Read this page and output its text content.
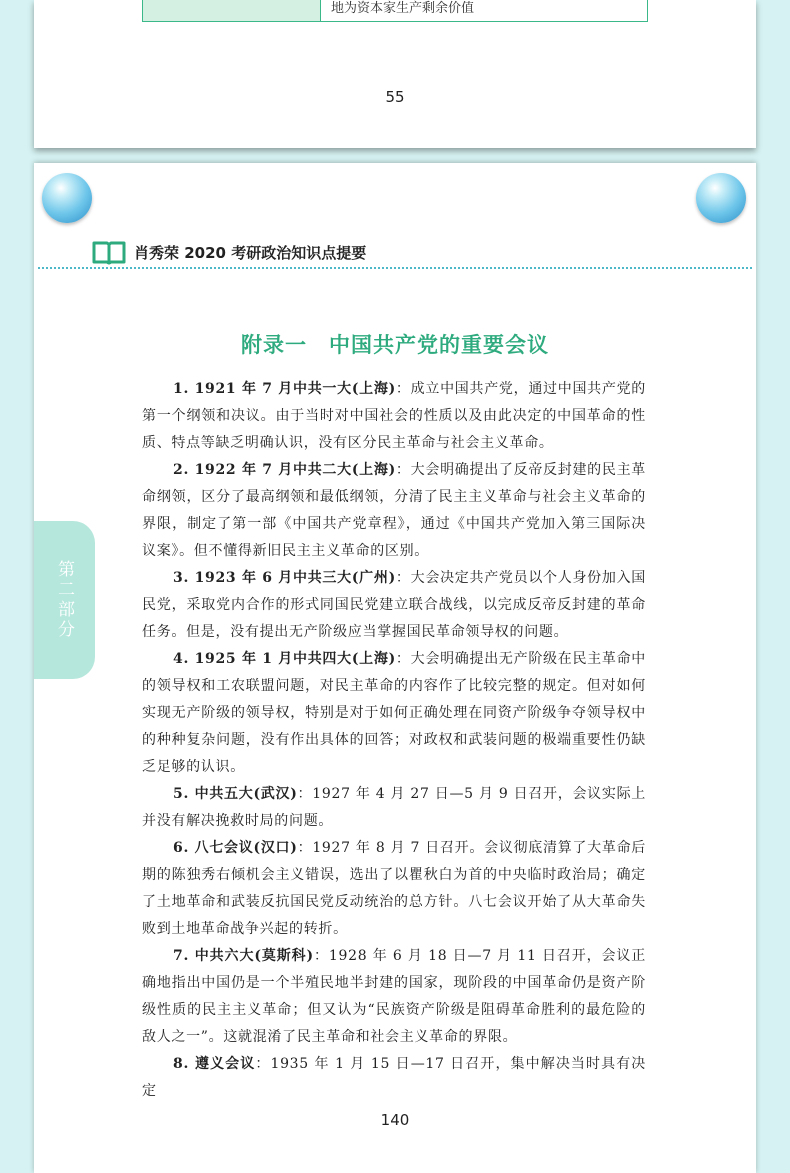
地为资本家生产剩余价值
55
肖秀荣 2020 考研政治知识点提要
附录一　中国共产党的重要会议
第二部分

1. 1921 年 7 月中共一大(上海)：成立中国共产党，通过中国共产党的第一个纲领和决议。由于当时对中国社会的性质以及由此决定的中国革命的性质、特点等缺乏明确认识，没有区分民主革命与社会主义革命。

2. 1922 年 7 月中共二大(上海)：大会明确提出了反帝反封建的民主革命纲领，区分了最高纲领和最低纲领，分清了民主主义革命与社会主义革命的界限，制定了第一部《中国共产党章程》，通过《中国共产党加入第三国际决议案》。但不懂得新旧民主主义革命的区别。

3. 1923 年 6 月中共三大(广州)：大会决定共产党员以个人身份加入国民党，采取党内合作的形式同国民党建立联合战线，以完成反帝反封建的革命任务。但是，没有提出无产阶级应当掌握国民革命领导权的问题。

4. 1925 年 1 月中共四大(上海)：大会明确提出无产阶级在民主革命中的领导权和工农联盟问题，对民主革命的内容作了比较完整的规定。但对如何实现无产阶级的领导权，特别是对于如何正确处理在同资产阶级争夺领导权中的种种复杂问题，没有作出具体的回答；对政权和武装问题的极端重要性仍缺乏足够的认识。

5. 中共五大(武汉)：1927 年 4 月 27 日—5 月 9 日召开，会议实际上并没有解决挽救时局的问题。

6. 八七会议(汉口)：1927 年 8 月 7 日召开。会议彻底清算了大革命后期的陈独秀右倾机会主义错误，选出了以瞿秋白为首的中央临时政治局；确定了土地革命和武装反抗国民党反动统治的总方针。八七会议开始了从大革命失败到土地革命战争兴起的转折。

7. 中共六大(莫斯科)：1928 年 6 月 18 日—7 月 11 日召开，会议正确地指出中国仍是一个半殖民地半封建的国家，现阶段的中国革命仍是资产阶级性质的民主主义革命；但又认为“民族资产阶级是阻碍革命胜利的最危险的敌人之一”。这就混淆了民主革命和社会主义革命的界限。

8. 遵义会议：1935 年 1 月 15 日—17 日召开，集中解决当时具有决定

140
